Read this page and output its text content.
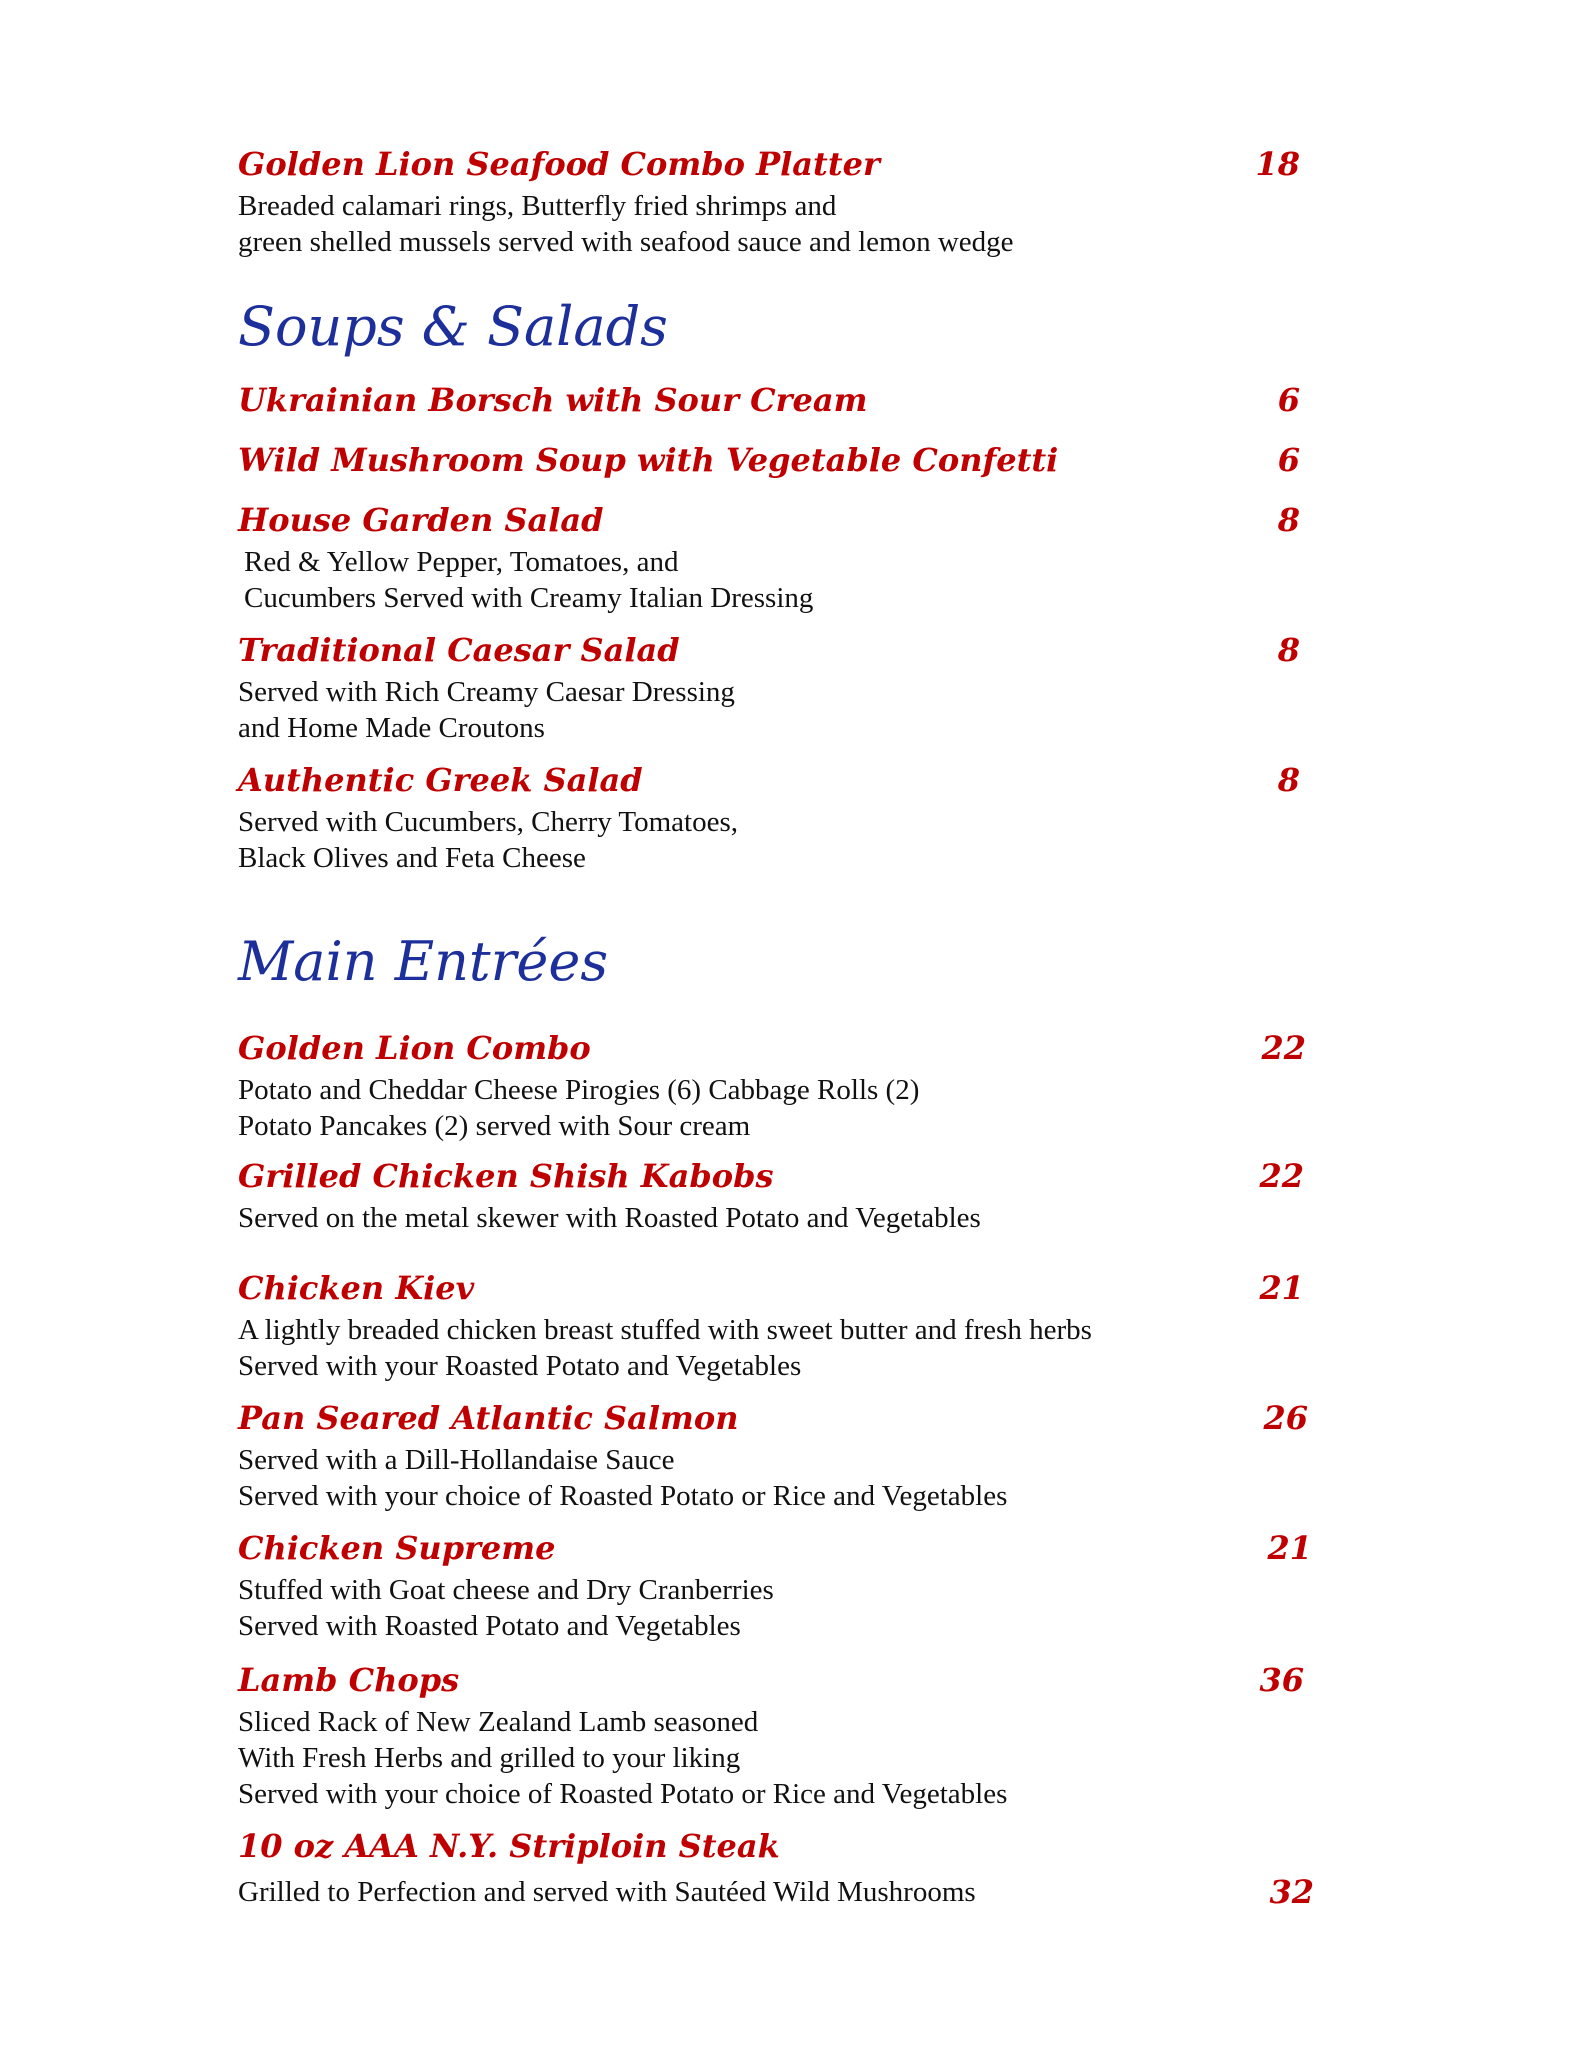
Golden Lion Seafood Combo Platter	18
Breaded calamari rings, Butterfly fried shrimps and
green shelled mussels served with seafood sauce and lemon wedge
Soups & Salads
Ukrainian Borsch with Sour Cream	6
Wild Mushroom Soup with Vegetable Confetti	6
House Garden Salad	8
Red & Yellow Pepper, Tomatoes, and
Cucumbers Served with Creamy Italian Dressing
Traditional Caesar Salad	8
Served with Rich Creamy Caesar Dressing
and Home Made Croutons
Authentic Greek Salad	8
Served with Cucumbers, Cherry Tomatoes,
Black Olives and Feta Cheese
Main Entrées
Golden Lion Combo	22
Potato and Cheddar Cheese Pirogies (6) Cabbage Rolls (2)
Potato Pancakes (2) served with Sour cream
Grilled Chicken Shish Kabobs	22
Served on the metal skewer with Roasted Potato and Vegetables
Chicken Kiev	21
A lightly breaded chicken breast stuffed with sweet butter and fresh herbs
Served with your Roasted Potato and Vegetables
Pan Seared Atlantic Salmon	26
Served with a Dill-Hollandaise Sauce
Served with your choice of Roasted Potato or Rice and Vegetables
Chicken Supreme	21
Stuffed with Goat cheese and Dry Cranberries
Served with Roasted Potato and Vegetables
Lamb Chops	36
Sliced Rack of New Zealand Lamb seasoned
With Fresh Herbs and grilled to your liking
Served with your choice of Roasted Potato or Rice and Vegetables
10 oz AAA N.Y. Striploin Steak
Grilled to Perfection and served with Sautéed Wild Mushrooms	32
